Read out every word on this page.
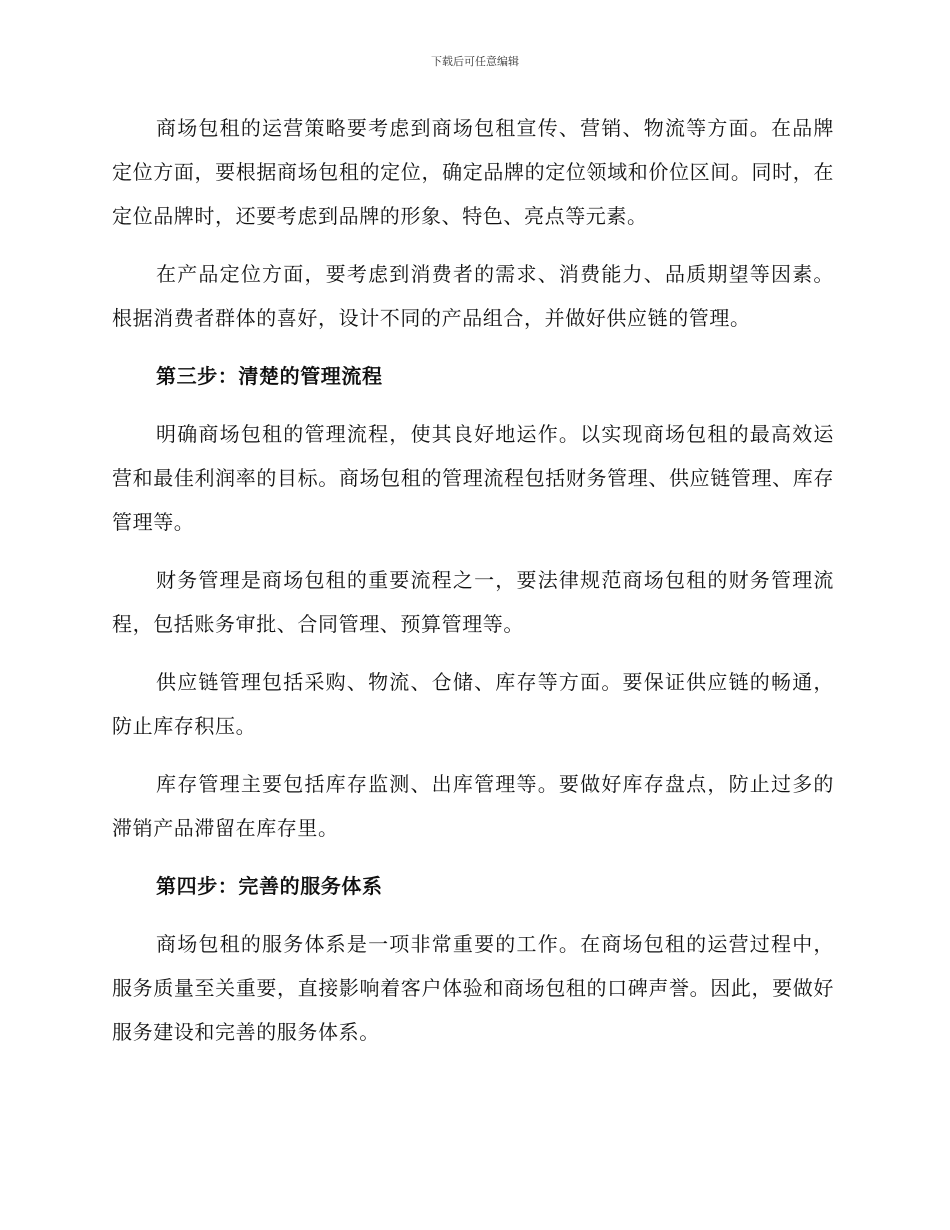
下载后可任意编辑

商场包租的运营策略要考虑到商场包租宣传、营销、物流等方面。在品牌定位方面，要根据商场包租的定位，确定品牌的定位领域和价位区间。同时，在定位品牌时，还要考虑到品牌的形象、特色、亮点等元素。

在产品定位方面，要考虑到消费者的需求、消费能力、品质期望等因素。根据消费者群体的喜好，设计不同的产品组合，并做好供应链的管理。

第三步：清楚的管理流程

明确商场包租的管理流程，使其良好地运作。以实现商场包租的最高效运营和最佳利润率的目标。商场包租的管理流程包括财务管理、供应链管理、库存管理等。

财务管理是商场包租的重要流程之一，要法律规范商场包租的财务管理流程，包括账务审批、合同管理、预算管理等。

供应链管理包括采购、物流、仓储、库存等方面。要保证供应链的畅通，防止库存积压。

库存管理主要包括库存监测、出库管理等。要做好库存盘点，防止过多的滞销产品滞留在库存里。

第四步：完善的服务体系

商场包租的服务体系是一项非常重要的工作。在商场包租的运营过程中，服务质量至关重要，直接影响着客户体验和商场包租的口碑声誉。因此，要做好服务建设和完善的服务体系。
